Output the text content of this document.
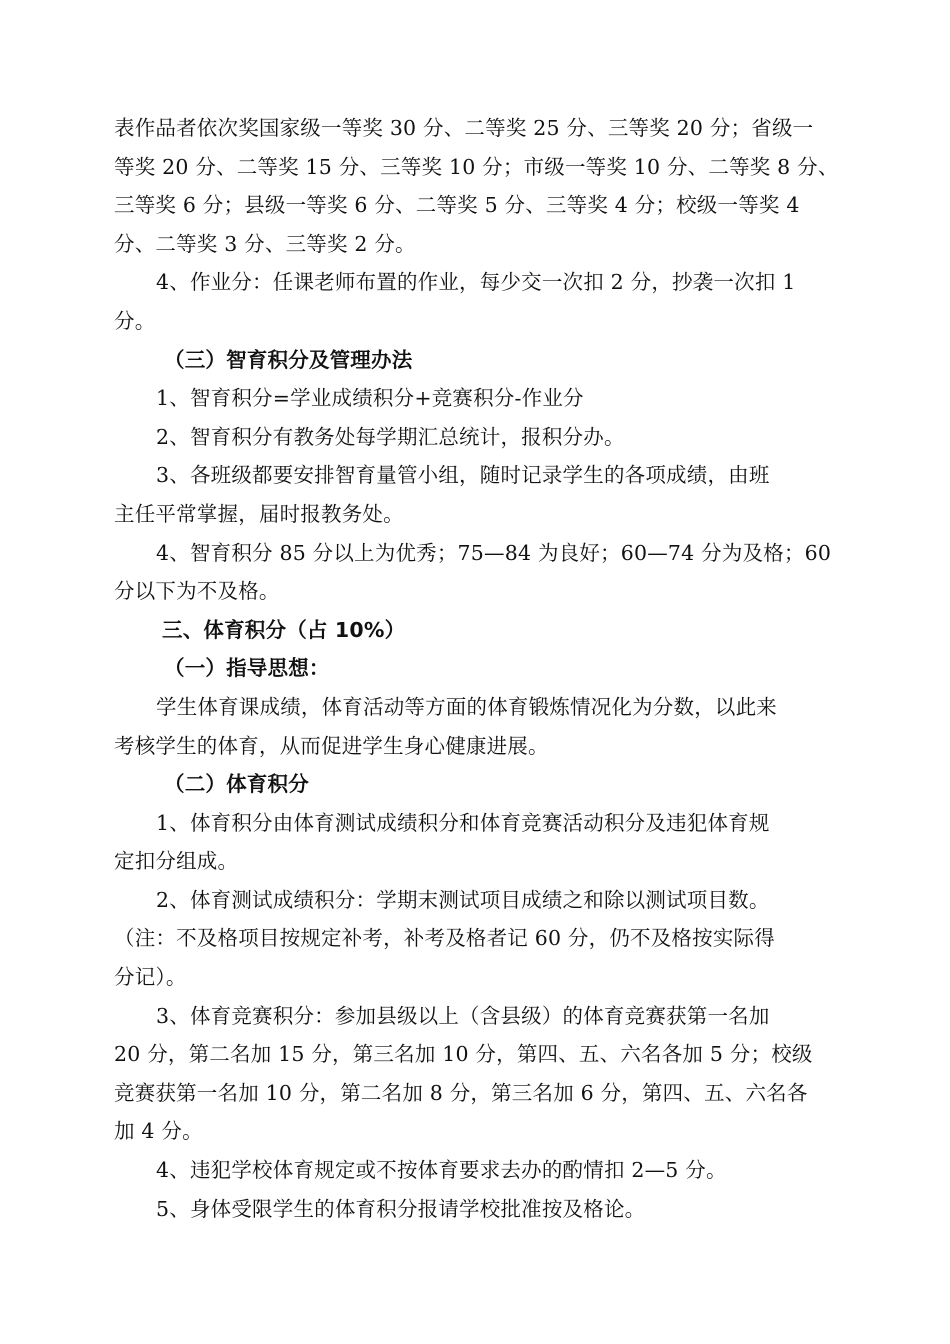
表作品者依次奖国家级一等奖 30 分、二等奖 25 分、三等奖 20 分；省级一
等奖 20 分、二等奖 15 分、三等奖 10 分；市级一等奖 10 分、二等奖 8 分、
三等奖 6 分；县级一等奖 6 分、二等奖 5 分、三等奖 4 分；校级一等奖 4
分、二等奖 3 分、三等奖 2 分。
4、作业分：任课老师布置的作业，每少交一次扣 2 分，抄袭一次扣 1
分。
（三）智育积分及管理办法
1、智育积分=学业成绩积分+竞赛积分-作业分
2、智育积分有教务处每学期汇总统计，报积分办。
3、各班级都要安排智育量管小组，随时记录学生的各项成绩，由班
主任平常掌握，届时报教务处。
4、智育积分 85 分以上为优秀；75—84 为良好；60—74 分为及格；60
分以下为不及格。
三、体育积分（占 10%）
（一）指导思想：
学生体育课成绩，体育活动等方面的体育锻炼情况化为分数，以此来
考核学生的体育，从而促进学生身心健康进展。
（二）体育积分
1、体育积分由体育测试成绩积分和体育竞赛活动积分及违犯体育规
定扣分组成。
2、体育测试成绩积分：学期末测试项目成绩之和除以测试项目数。
（注：不及格项目按规定补考，补考及格者记 60 分，仍不及格按实际得
分记）。
3、体育竞赛积分：参加县级以上（含县级）的体育竞赛获第一名加
20 分，第二名加 15 分，第三名加 10 分，第四、五、六名各加 5 分；校级
竞赛获第一名加 10 分，第二名加 8 分，第三名加 6 分，第四、五、六名各
加 4 分。
4、违犯学校体育规定或不按体育要求去办的酌情扣 2—5 分。
5、身体受限学生的体育积分报请学校批准按及格论。
